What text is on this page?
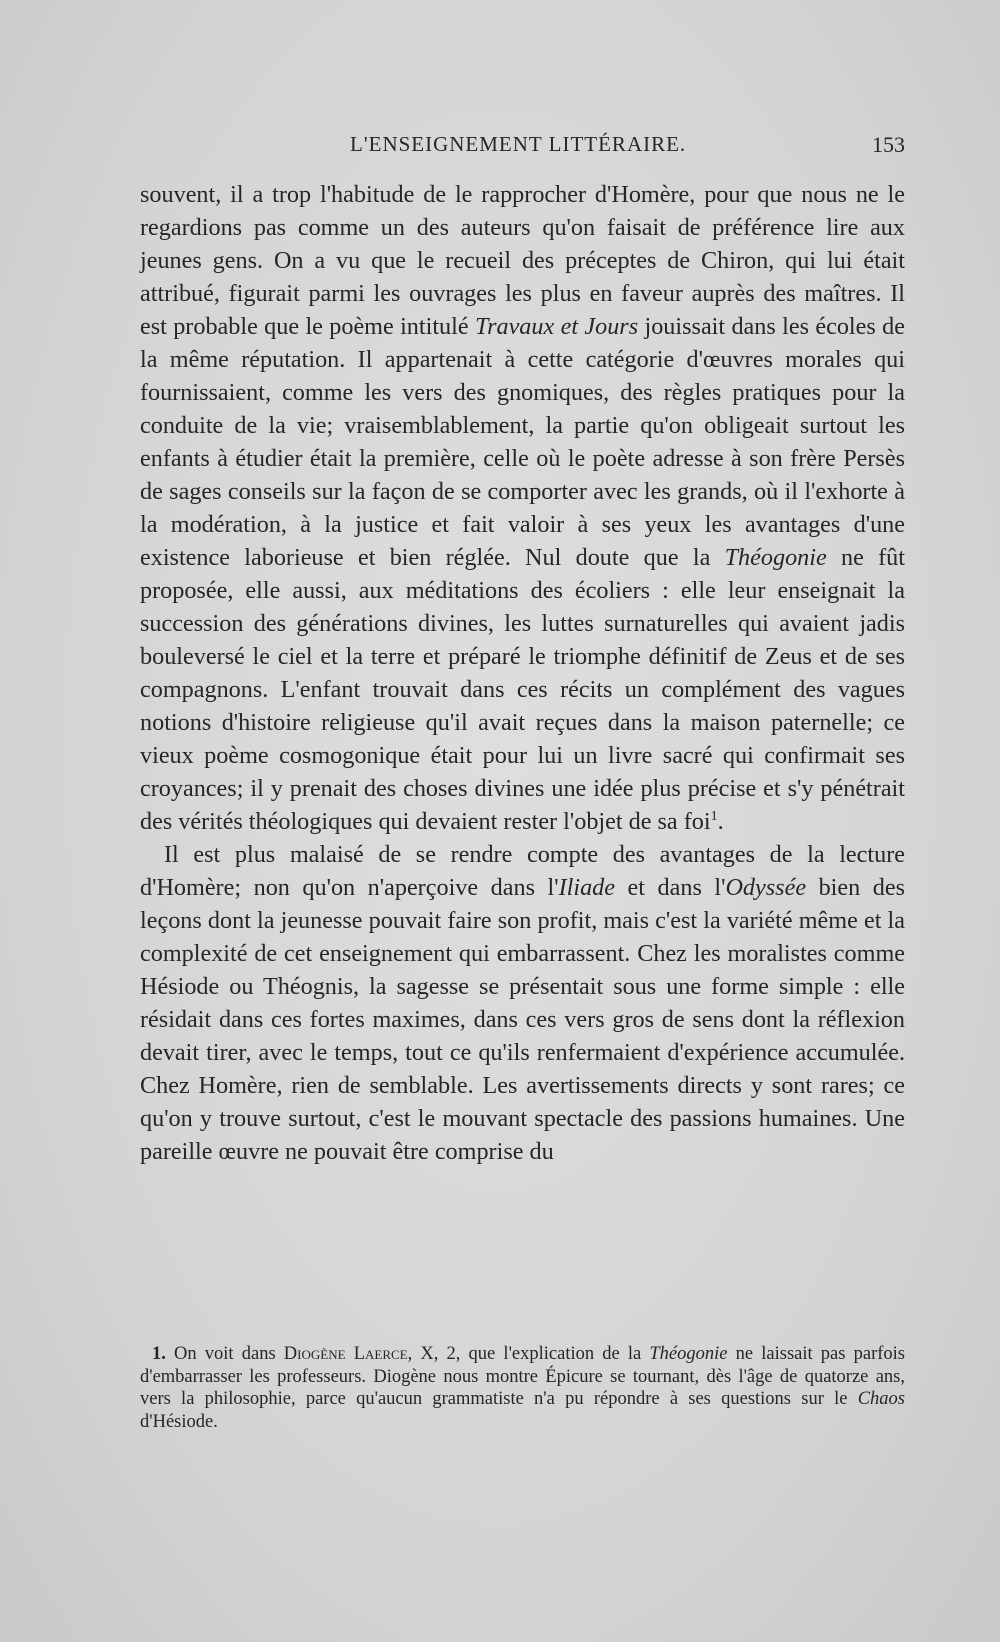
L'ENSEIGNEMENT LITTÉRAIRE.	153

souvent, il a trop l'habitude de le rapprocher d'Homère, pour que nous ne le regardions pas comme un des auteurs qu'on faisait de préférence lire aux jeunes gens. On a vu que le recueil des préceptes de Chiron, qui lui était attribué, figurait parmi les ouvrages les plus en faveur auprès des maîtres. Il est probable que le poème intitulé Travaux et Jours jouissait dans les écoles de la même réputation. Il appartenait à cette catégorie d'œuvres morales qui fournissaient, comme les vers des gnomiques, des règles pratiques pour la conduite de la vie; vraisemblablement, la partie qu'on obligeait surtout les enfants à étudier était la première, celle où le poète adresse à son frère Persès de sages conseils sur la façon de se comporter avec les grands, où il l'exhorte à la modération, à la justice et fait valoir à ses yeux les avantages d'une existence laborieuse et bien réglée. Nul doute que la Théogonie ne fût proposée, elle aussi, aux méditations des écoliers : elle leur enseignait la succession des générations divines, les luttes surnaturelles qui avaient jadis bouleversé le ciel et la terre et préparé le triomphe définitif de Zeus et de ses compagnons. L'enfant trouvait dans ces récits un complément des vagues notions d'histoire religieuse qu'il avait reçues dans la maison paternelle; ce vieux poème cosmogonique était pour lui un livre sacré qui confirmait ses croyances; il y prenait des choses divines une idée plus précise et s'y pénétrait des vérités théologiques qui devaient rester l'objet de sa foi$^1$.

Il est plus malaisé de se rendre compte des avantages de la lecture d'Homère; non qu'on n'aperçoive dans l'Iliade et dans l'Odyssée bien des leçons dont la jeunesse pouvait faire son profit, mais c'est la variété même et la complexité de cet enseignement qui embarrassent. Chez les moralistes comme Hésiode ou Théognis, la sagesse se présentait sous une forme simple : elle résidait dans ces fortes maximes, dans ces vers gros de sens dont la réflexion devait tirer, avec le temps, tout ce qu'ils renfermaient d'expérience accumulée. Chez Homère, rien de semblable. Les avertissements directs y sont rares; ce qu'on y trouve surtout, c'est le mouvant spectacle des passions humaines. Une pareille œuvre ne pouvait être comprise du

1. On voit dans Diogène Laerce, X, 2, que l'explication de la Théogonie ne laissait pas parfois d'embarrasser les professeurs. Diogène nous montre Épicure se tournant, dès l'âge de quatorze ans, vers la philosophie, parce qu'aucun grammatiste n'a pu répondre à ses questions sur le Chaos d'Hésiode.
